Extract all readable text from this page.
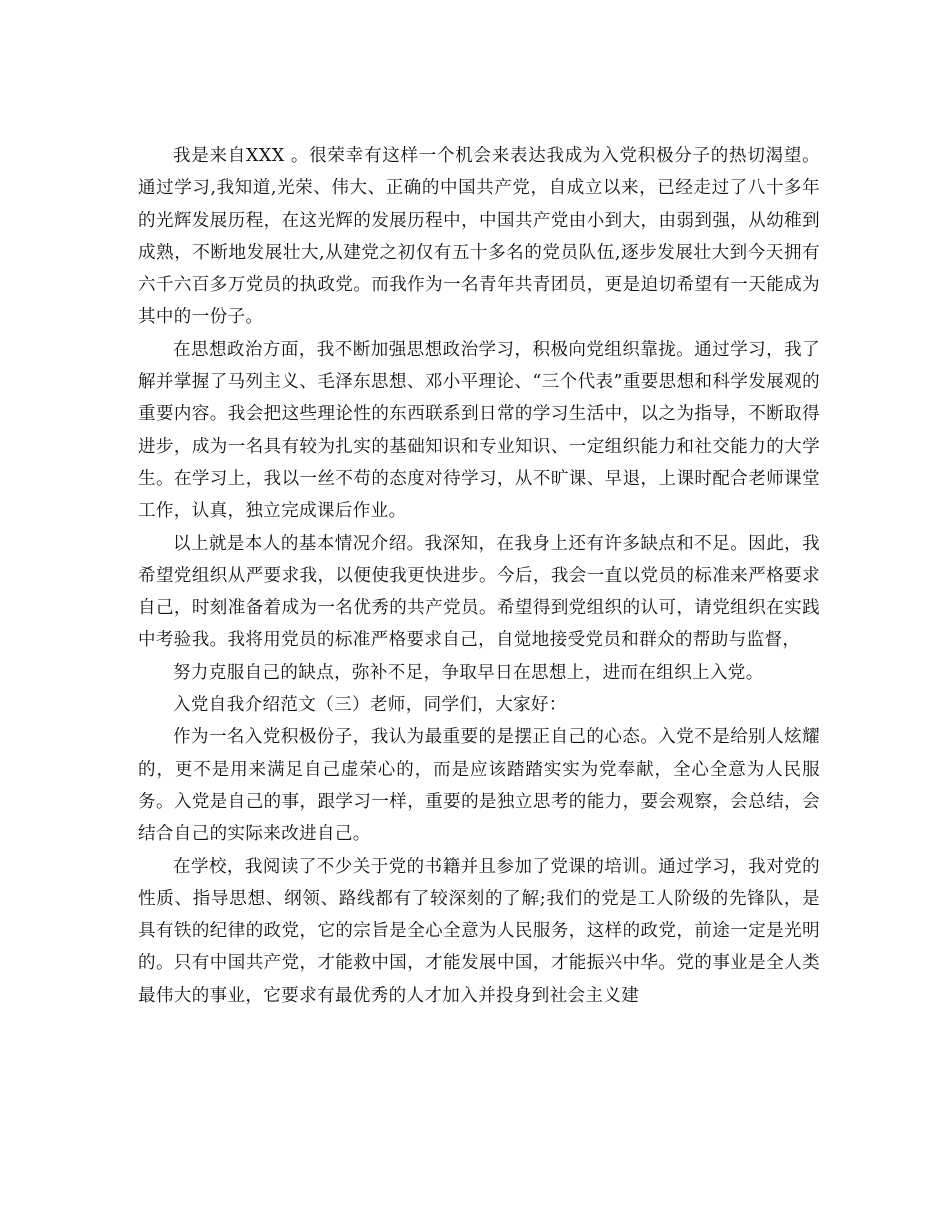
我是来自XXX 。很荣幸有这样一个机会来表达我成为入党积极分子的热切渴望。 通过学习,我知道,光荣、伟大、正确的中国共产党，自成立以来，已经走过了八十多年的光辉发展历程，在这光辉的发展历程中，中国共产党由小到大，由弱到强，从幼稚到成熟，不断地发展壮大,从建党之初仅有五十多名的党员队伍,逐步发展壮大到今天拥有六千六百多万党员的执政党。而我作为一名青年共青团员，更是迫切希望有一天能成为其中的一份子。

在思想政治方面，我不断加强思想政治学习，积极向党组织靠拢。通过学习，我了解并掌握了马列主义、毛泽东思想、邓小平理论、“三个代表”重要思想和科学发展观的重要内容。我会把这些理论性的东西联系到日常的学习生活中，以之为指导，不断取得进步，成为一名具有较为扎实的基础知识和专业知识、一定组织能力和社交能力的大学生。在学习上，我以一丝不苟的态度对待学习，从不旷课、早退，上课时配合老师课堂工作，认真，独立完成课后作业。

以上就是本人的基本情况介绍。我深知，在我身上还有许多缺点和不足。因此，我希望党组织从严要求我，以便使我更快进步。今后，我会一直以党员的标准来严格要求自己，时刻准备着成为一名优秀的共产党员。希望得到党组织的认可，请党组织在实践中考验我。我将用党员的标准严格要求自己，自觉地接受党员和群众的帮助与监督，

努力克服自己的缺点，弥补不足，争取早日在思想上，进而在组织上入党。

入党自我介绍范文（三）老师，同学们，大家好：

作为一名入党积极份子，我认为最重要的是摆正自己的心态。入党不是给别人炫耀的，更不是用来满足自己虚荣心的，而是应该踏踏实实为党奉献，全心全意为人民服务。入党是自己的事，跟学习一样，重要的是独立思考的能力，要会观察，会总结，会结合自己的实际来改进自己。

在学校，我阅读了不少关于党的书籍并且参加了党课的培训。通过学习，我对党的性质、指导思想、纲领、路线都有了较深刻的了解;我们的党是工人阶级的先锋队，是具有铁的纪律的政党，它的宗旨是全心全意为人民服务，这样的政党，前途一定是光明的。只有中国共产党，才能救中国，才能发展中国，才能振兴中华。党的事业是全人类最伟大的事业，它要求有最优秀的人才加入并投身到社会主义建
